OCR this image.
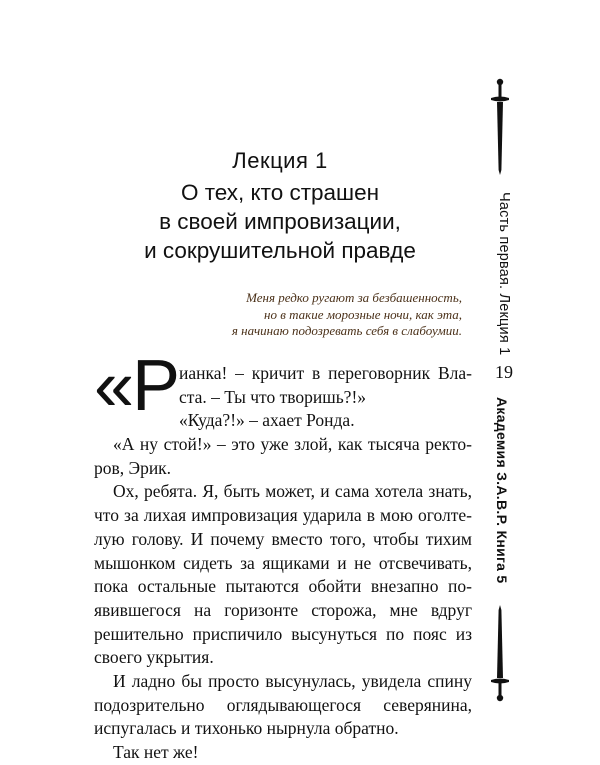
Лекция 1
О тех, кто страшен
в своей импровизации,
и сокрушительной правде
Меня редко ругают за безбашенность,
но в такие морозные ночи, как эта,
я начинаю подозревать себя в слабоумии.
«Р ианка! – кричит в переговорник Вла-
ста. – Ты что творишь?!»
«Куда?!» – ахает Ронда.
«А ну стой!» – это уже злой, как тысяча ректо-
ров, Эрик.
Ох, ребята. Я, быть может, и сама хотела знать,
что за лихая импровизация ударила в мою оголте-
лую голову. И почему вместо того, чтобы тихим
мышонком сидеть за ящиками и не отсвечивать,
пока остальные пытаются обойти внезапно по-
явившегося на горизонте сторожа, мне вдруг
решительно приспичило высунуться по пояс из
своего укрытия.
И ладно бы просто высунулась, увидела спину
подозрительно оглядывающегося северянина,
испугалась и тихонько нырнула обратно.
Так нет же!
Часть первая. Лекция 1
19
Академия З.А.В.Р. Книга 5
